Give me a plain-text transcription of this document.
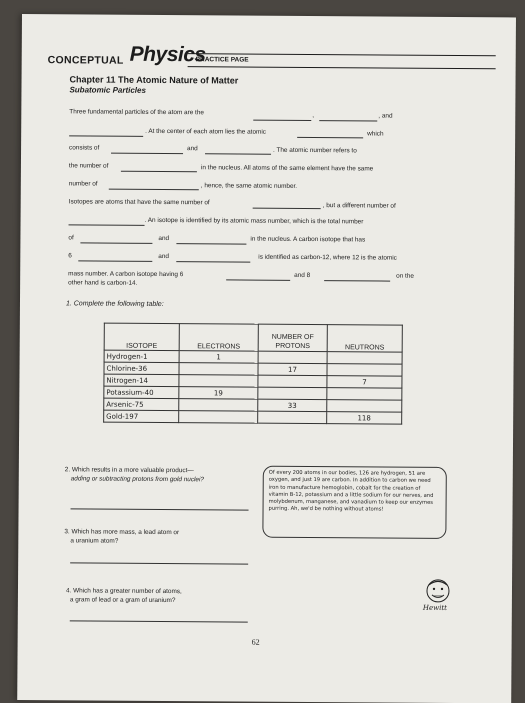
CONCEPTUAL Physics
PRACTICE PAGE
Chapter 11 The Atomic Nature of Matter
Subatomic Particles
Three fundamental particles of the atom are the	,	, and
. At the center of each atom lies the atomic	which
consists of	and	. The atomic number refers to
the number of	in the nucleus. All atoms of the same element have the same
number of	, hence, the same atomic number.
Isotopes are atoms that have the same number of	, but a different number of
. An isotope is identified by its atomic mass number, which is the total number
of	and	in the nucleus. A carbon isotope that has
6	and	is identified as carbon-12, where 12 is the atomic
mass number. A carbon isotope having 6	and 8	on the
other hand is carbon-14.
1. Complete the following table:
ISOTOPE	ELECTRONS	NUMBER OF PROTONS	NEUTRONS
Hydrogen-1	1		
Chlorine-36		17	
Nitrogen-14			7
Potassium-40	19		
Arsenic-75		33	
Gold-197			118
2. Which results in a more valuable product—
adding or subtracting protons from gold nuclei?
3. Which has more mass, a lead atom or
a uranium atom?
4. Which has a greater number of atoms,
a gram of lead or a gram of uranium?
Of every 200 atoms in our bodies, 126 are hydrogen, 51 are oxygen, and just 19 are carbon. In addition to carbon we need iron to manufacture hemoglobin, cobalt for the creation of vitamin B-12, potassium and a little sodium for our nerves, and molybdenum, manganese, and vanadium to keep our enzymes purring. Ah, we'd be nothing without atoms!
Hewitt
62
